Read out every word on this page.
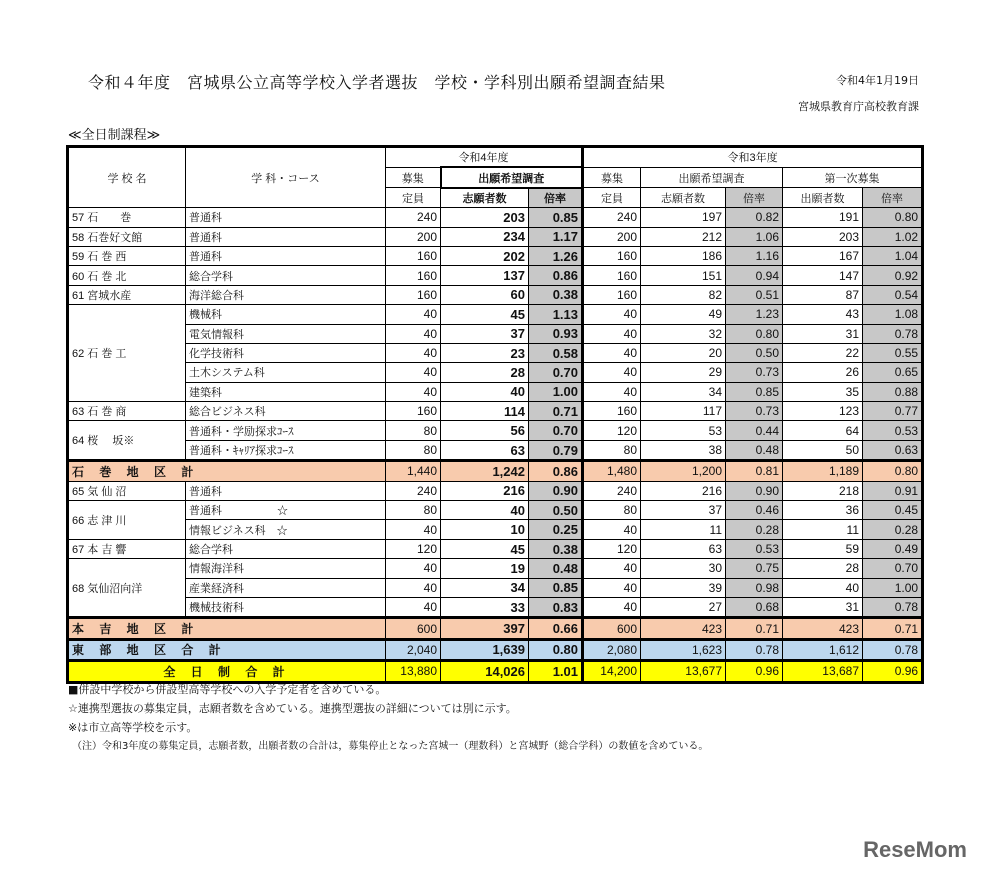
令和４年度　宮城県公立高等学校入学者選抜　学校・学科別出願希望調査結果	令和4年1月19日
宮城県教育庁高校教育課
≪全日制課程≫
学 校 名	学 科・コース	令和4年度			令和3年度				
		募集	出願希望調査		募集	出願希望調査		第一次募集	
		定員	志願者数	倍率	定員	志願者数	倍率	出願者数	倍率
57 石　　巻	普通科	240	203	0.85	240	197	0.82	191	0.80
58 石巻好文館	普通科	200	234	1.17	200	212	1.06	203	1.02
59 石 巻 西	普通科	160	202	1.26	160	186	1.16	167	1.04
60 石 巻 北	総合学科	160	137	0.86	160	151	0.94	147	0.92
61 宮城水産	海洋総合科	160	60	0.38	160	82	0.51	87	0.54
62 石 巻 工	機械科	40	45	1.13	40	49	1.23	43	1.08
	電気情報科	40	37	0.93	40	32	0.80	31	0.78
	化学技術科	40	23	0.58	40	20	0.50	22	0.55
	土木システム科	40	28	0.70	40	29	0.73	26	0.65
	建築科	40	40	1.00	40	34	0.85	35	0.88
63 石 巻 商	総合ビジネス科	160	114	0.71	160	117	0.73	123	0.77
64 桜　 坂※	普通科・学励探求ｺｰｽ	80	56	0.70	120	53	0.44	64	0.53
	普通科・ｷｬﾘｱ探求ｺｰｽ	80	63	0.79	80	38	0.48	50	0.63
石 巻 地 区 計		1,440	1,242	0.86	1,480	1,200	0.81	1,189	0.80
65 気 仙 沼	普通科	240	216	0.90	240	216	0.90	218	0.91
66 志 津 川	普通科　　　　　☆	80	40	0.50	80	37	0.46	36	0.45
	情報ビジネス科　☆	40	10	0.25	40	11	0.28	11	0.28
67 本 吉 響	総合学科	120	45	0.38	120	63	0.53	59	0.49
68 気仙沼向洋	情報海洋科	40	19	0.48	40	30	0.75	28	0.70
	産業経済科	40	34	0.85	40	39	0.98	40	1.00
	機械技術科	40	33	0.83	40	27	0.68	31	0.78
本 吉 地 区 計		600	397	0.66	600	423	0.71	423	0.71
東 部 地 区 合 計		2,040	1,639	0.80	2,080	1,623	0.78	1,612	0.78
全 日 制 合 計		13,880	14,026	1.01	14,200	13,677	0.96	13,687	0.96
■併設中学校から併設型高等学校への入学予定者を含めている。
☆連携型選抜の募集定員，志願者数を含めている。連携型選抜の詳細については別に示す。
※は市立高等学校を示す。
（注）令和3年度の募集定員，志願者数，出願者数の合計は，募集停止となった宮城一（理数科）と宮城野（総合学科）の数値を含めている。
ReseMom
